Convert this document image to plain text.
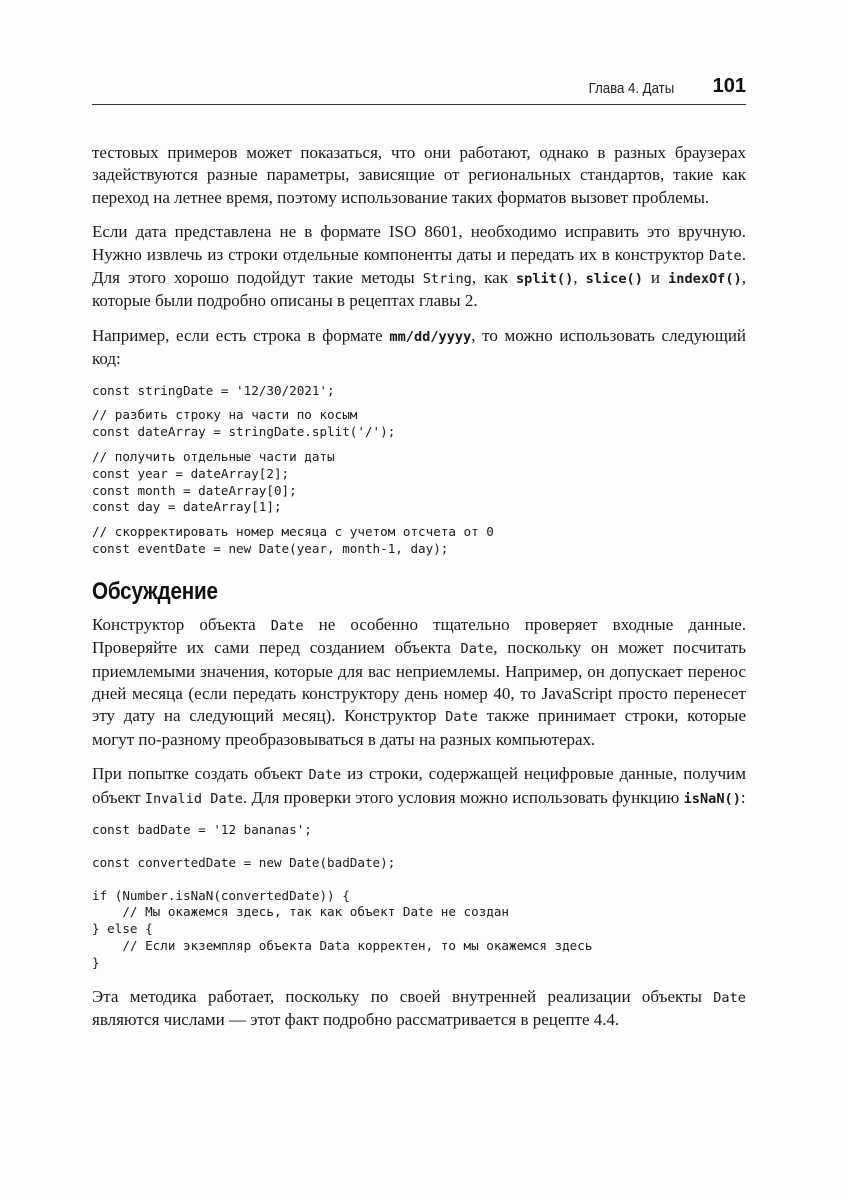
Глава 4. Даты 101

тестовых примеров может показаться, что они работают, однако в разных браузерах задействуются разные параметры, зависящие от региональных стандартов, такие как переход на летнее время, поэтому использование таких форматов вызовет проблемы.

Если дата представлена не в формате ISO 8601, необходимо исправить это вручную. Нужно извлечь из строки отдельные компоненты даты и передать их в конструктор Date. Для этого хорошо подойдут такие методы String, как split(), slice() и indexOf(), которые были подробно описаны в рецептах главы 2.

Например, если есть строка в формате mm/dd/yyyy, то можно использовать следующий код:

const stringDate = '12/30/2021';
// разбить строку на части по косым
const dateArray = stringDate.split('/');
// получить отдельные части даты
const year = dateArray[2];
const month = dateArray[0];
const day = dateArray[1];
// скорректировать номер месяца с учетом отсчета от 0
const eventDate = new Date(year, month-1, day);
Обсуждение

Конструктор объекта Date не особенно тщательно проверяет входные данные. Проверяйте их сами перед созданием объекта Date, поскольку он может посчитать приемлемыми значения, которые для вас неприемлемы. Например, он допускает перенос дней месяца (если передать конструктору день номер 40, то JavaScript просто перенесет эту дату на следующий месяц). Конструктор Date также принимает строки, которые могут по-разному преобразовываться в даты на разных компьютерах.

При попытке создать объект Date из строки, содержащей нецифровые данные, получим объект Invalid Date. Для проверки этого условия можно использовать функцию isNaN():

const badDate = '12 bananas';
const convertedDate = new Date(badDate);
if (Number.isNaN(convertedDate)) {
// Мы окажемся здесь, так как объект Date не создан
} else {
// Если экземпляр объекта Data корректен, то мы окажемся здесь
}

Эта методика работает, поскольку по своей внутренней реализации объекты Date являются числами — этот факт подробно рассматривается в рецепте 4.4.
